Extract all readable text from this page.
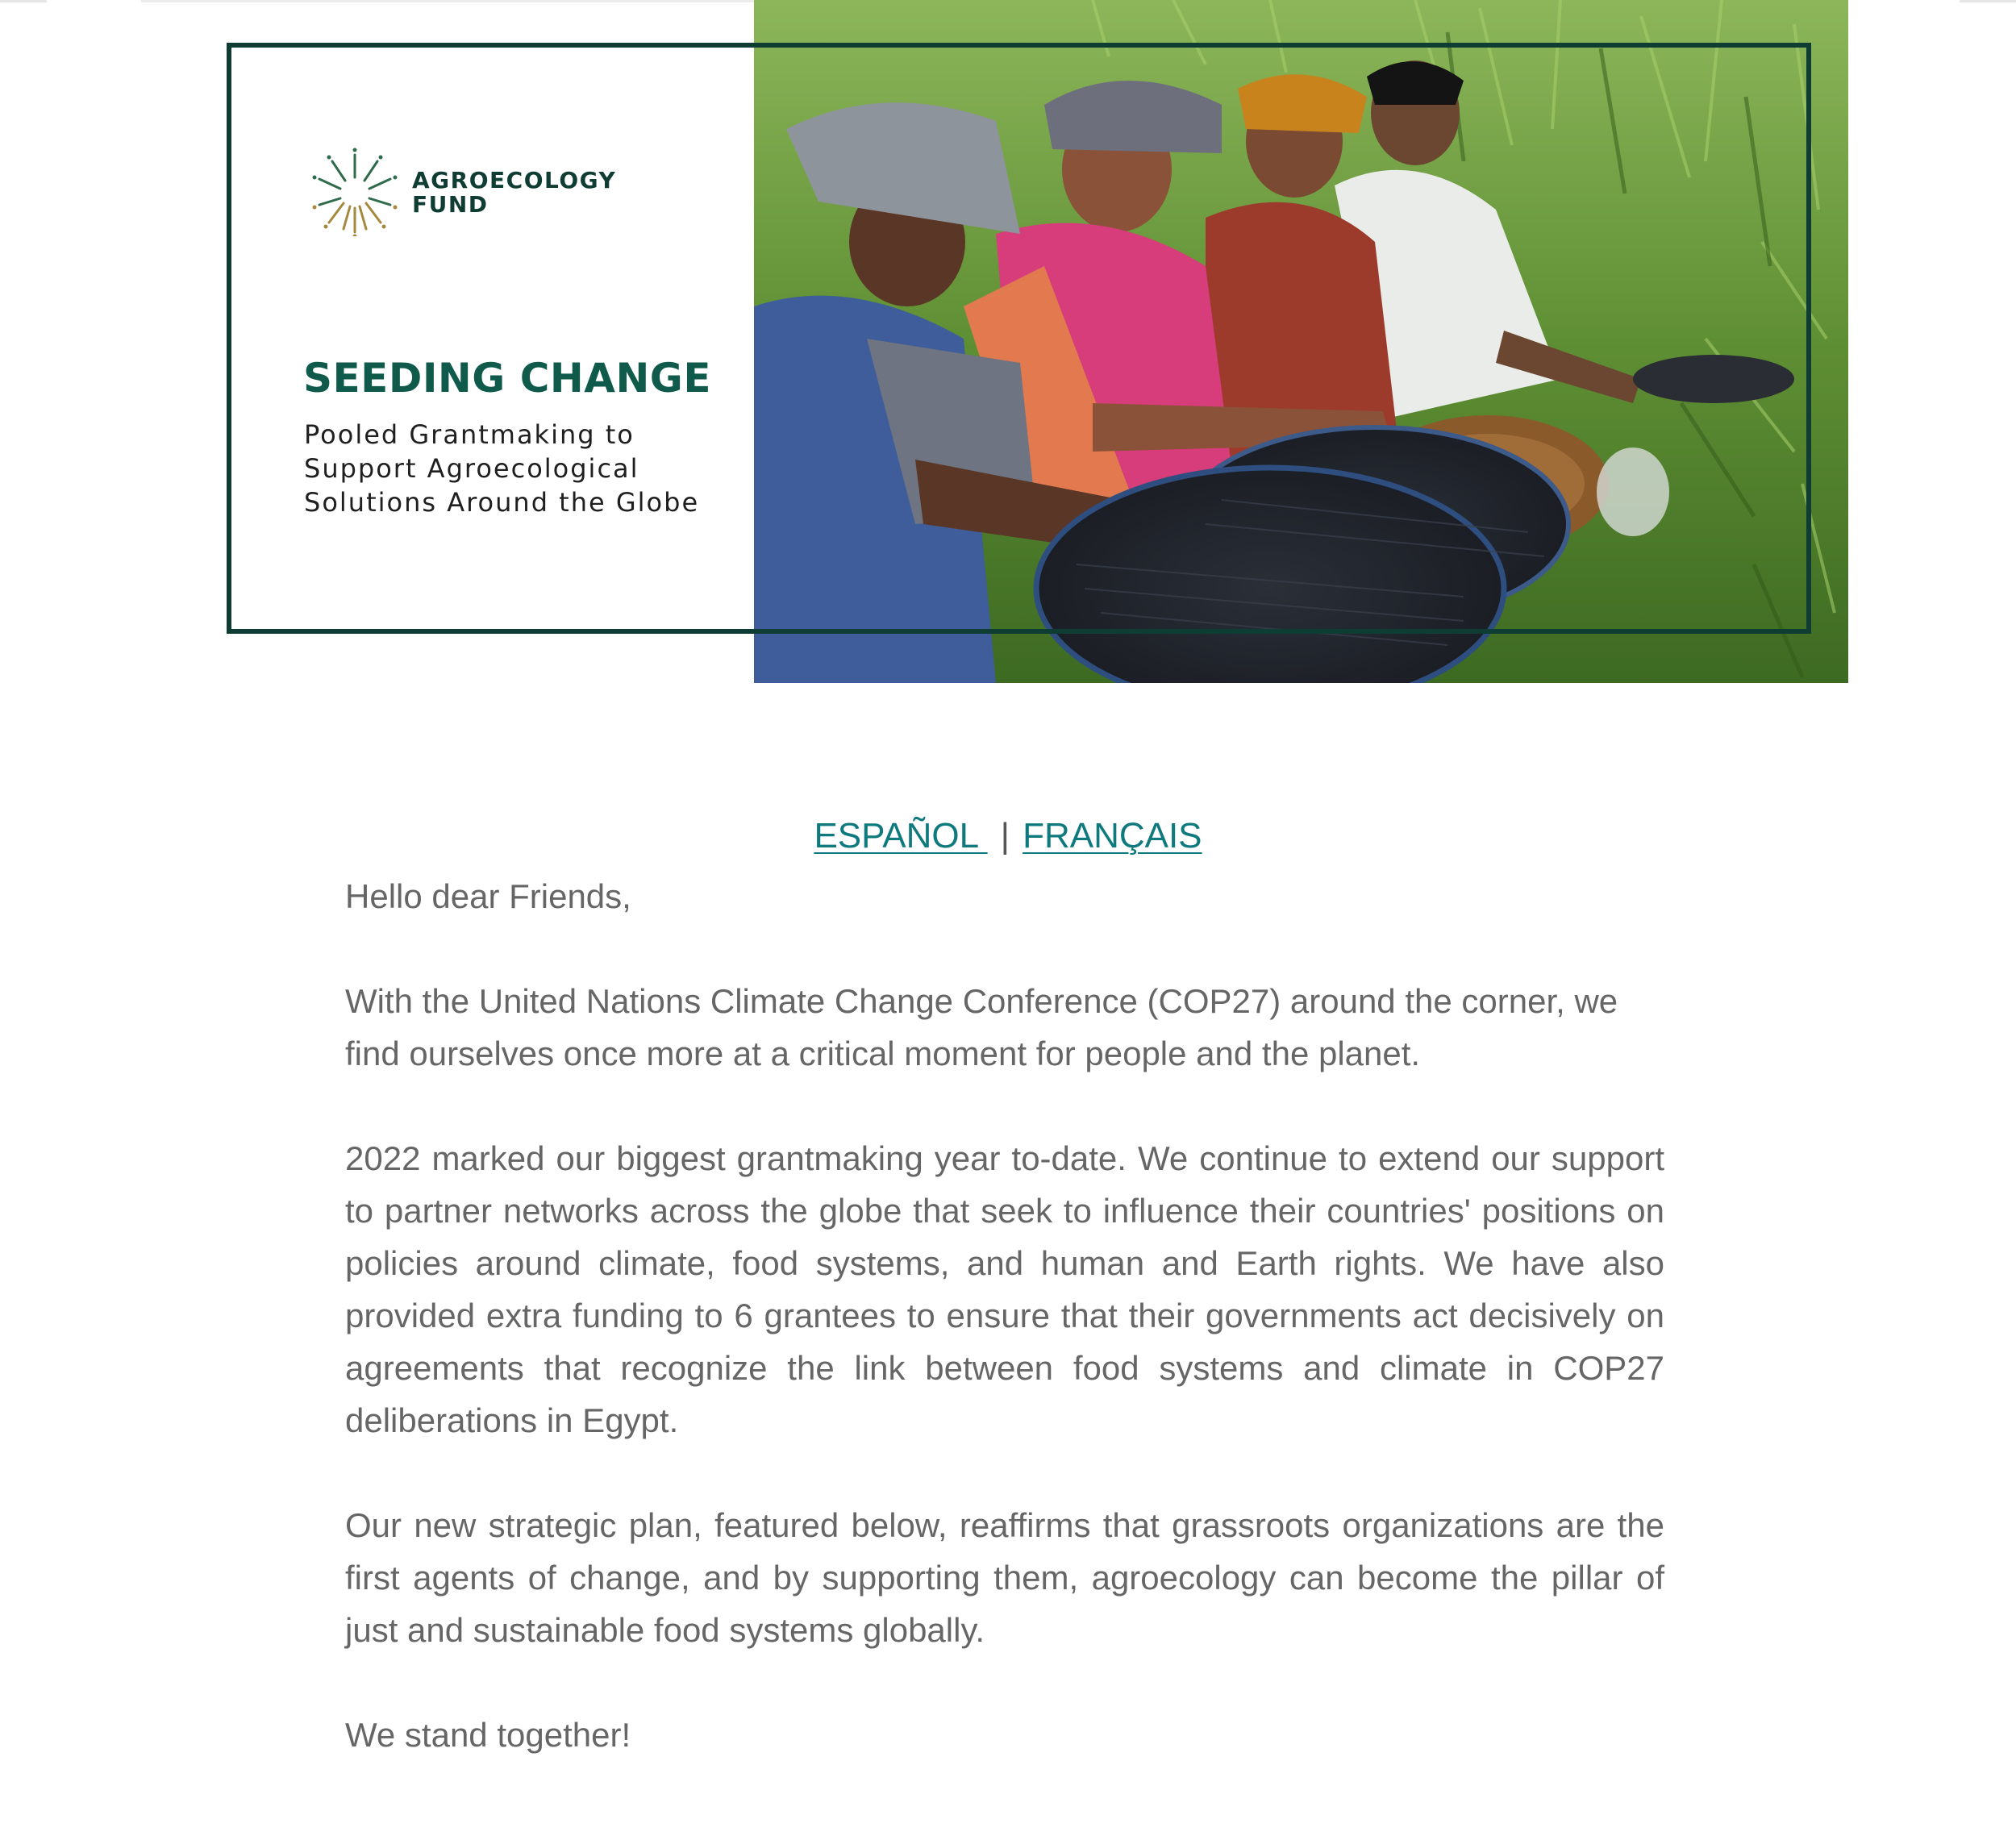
AGROECOLOGY
FUND
SEEDING CHANGE
Pooled Grantmaking to
Support Agroecological
Solutions Around the Globe
ESPAÑOL | FRANÇAIS

Hello dear Friends,

With the United Nations Climate Change Conference (COP27) around the corner, we find ourselves once more at a critical moment for people and the planet.

2022 marked our biggest grantmaking year to-date. We continue to extend our support to partner networks across the globe that seek to influence their countries' positions on policies around climate, food systems, and human and Earth rights. We have also provided extra funding to 6 grantees to ensure that their governments act decisively on agreements that recognize the link between food systems and climate in COP27 deliberations in Egypt.

Our new strategic plan, featured below, reaffirms that grassroots organizations are the first agents of change, and by supporting them, agroecology can become the pillar of just and sustainable food systems globally.

We stand together!
